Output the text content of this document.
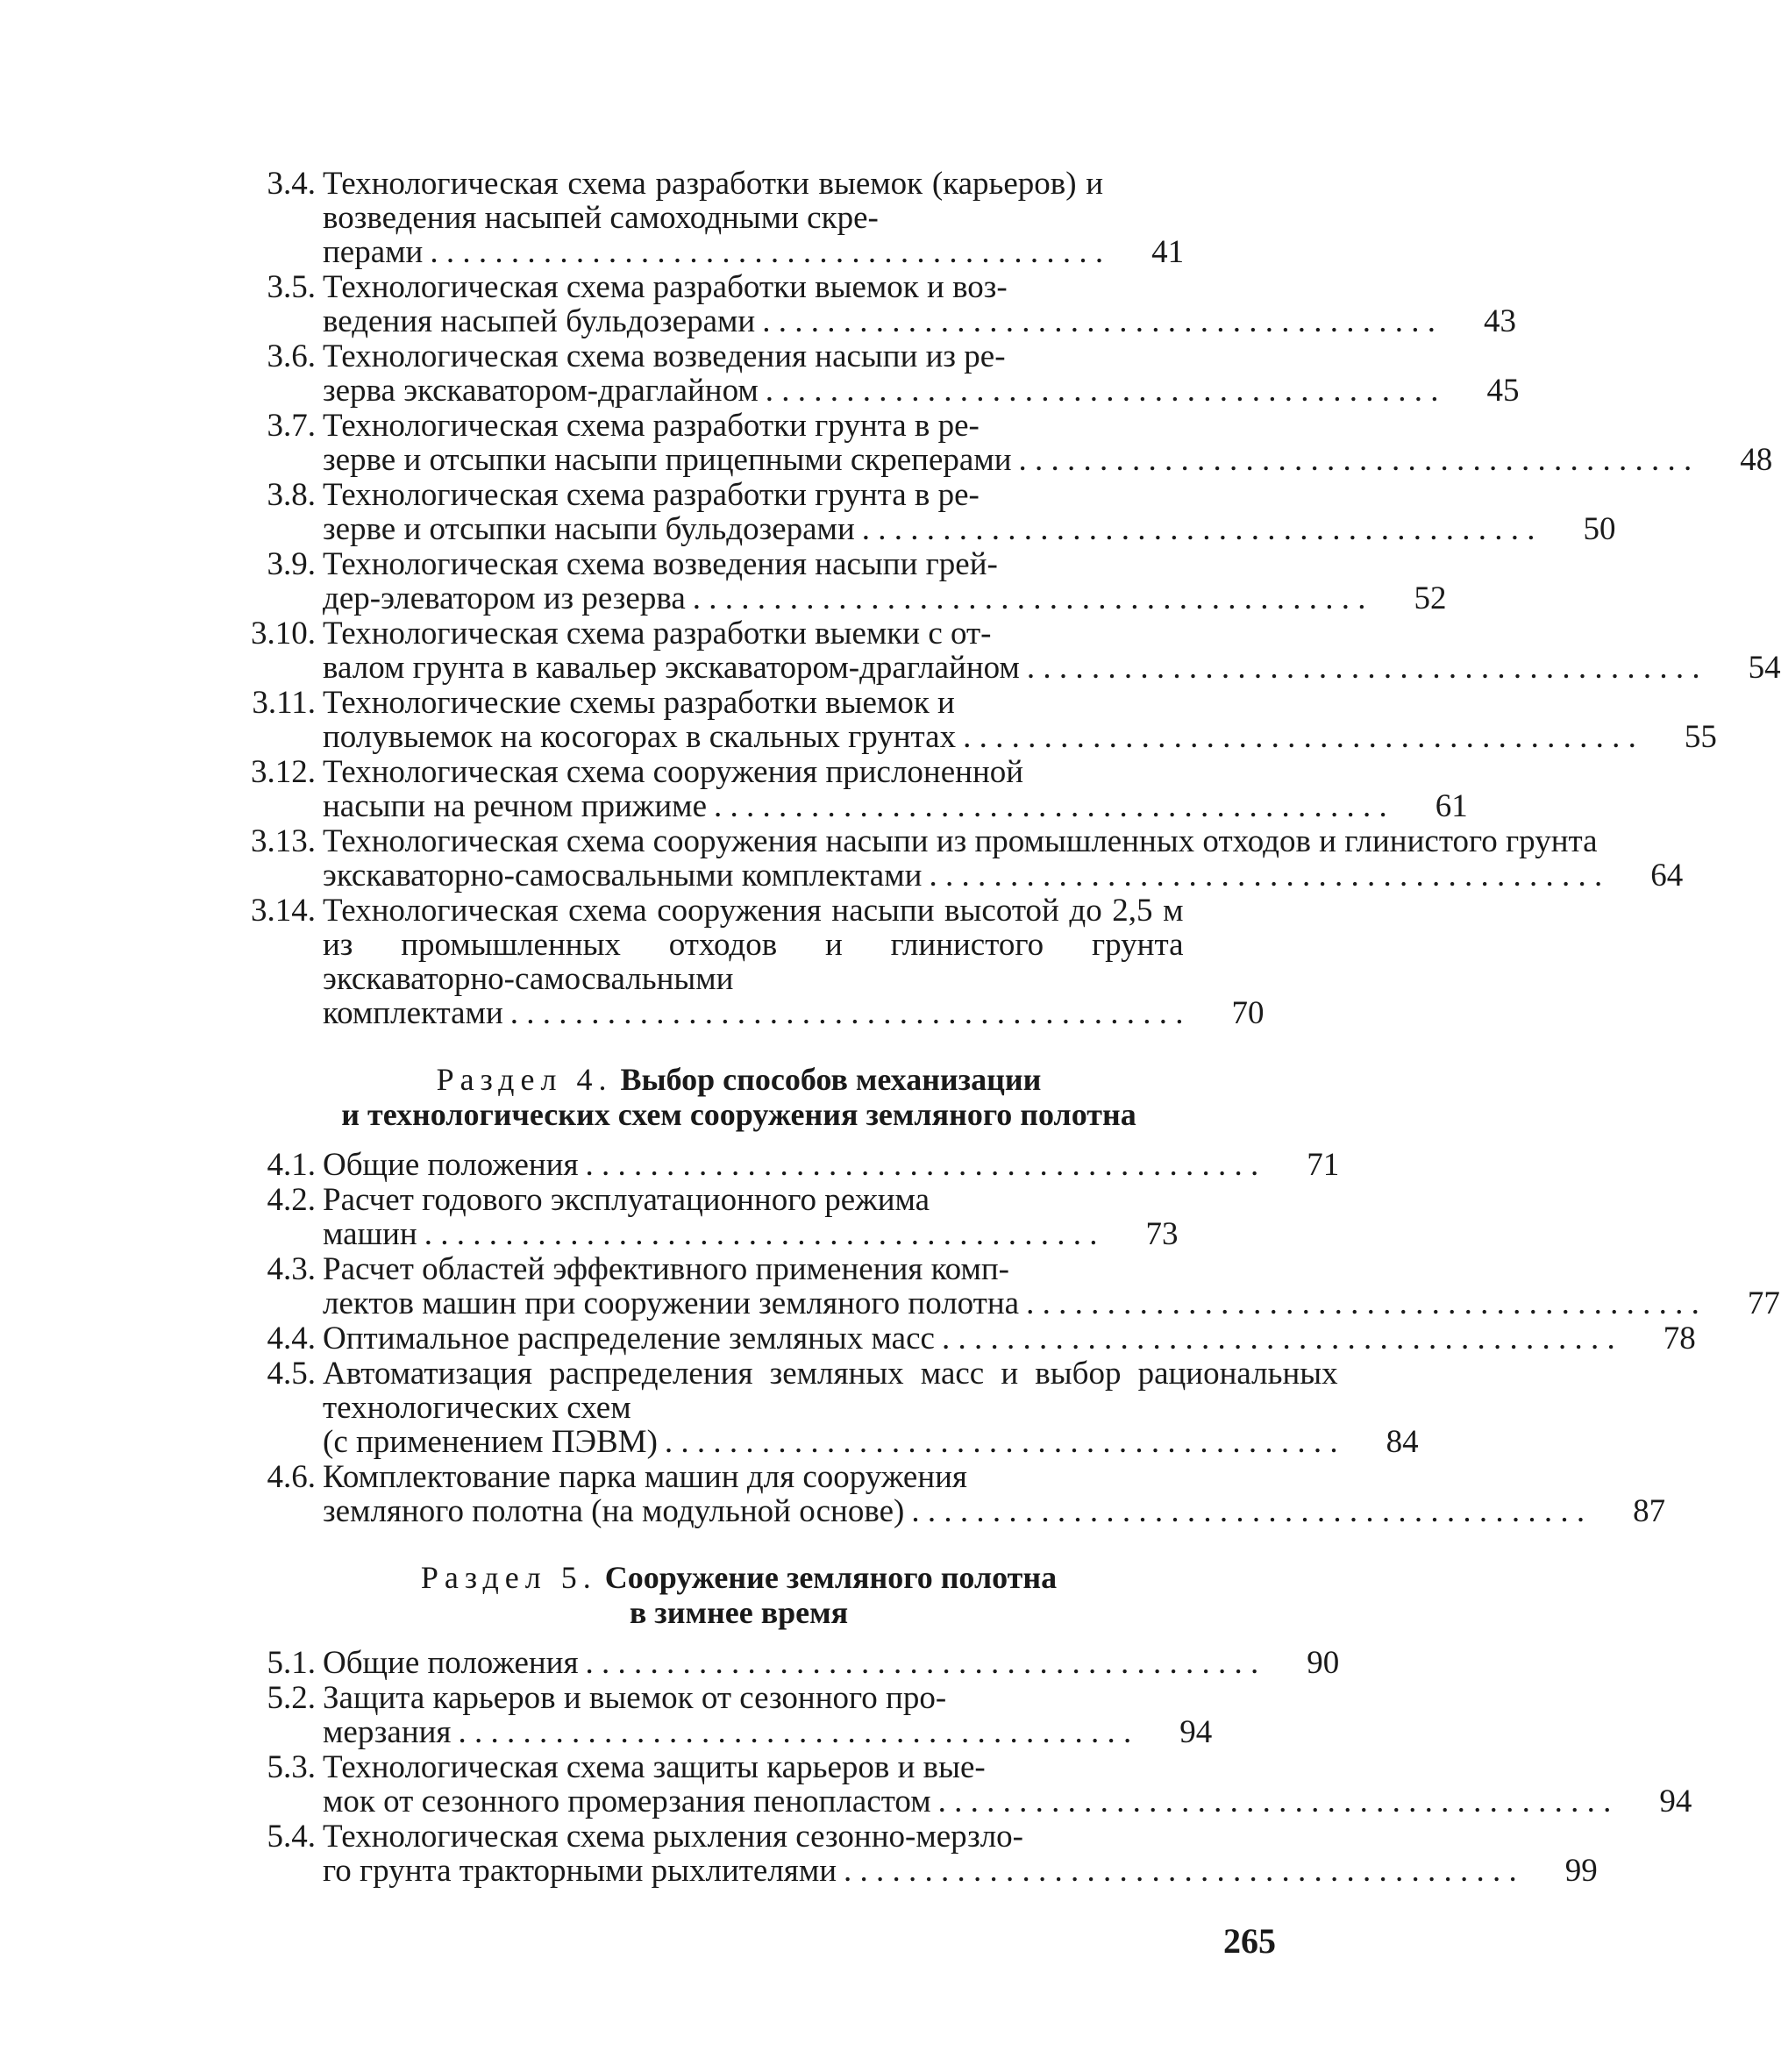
3.4. Технологическая схема разработки выемок (карьеров) и возведения насыпей самоходными скре-
перами . . . . . . . . . . . . . . . . . . . . . . . . . . . . . . . . . . . . . . . . . .	41
3.5. Технологическая схема разработки выемок и воз-
ведения насыпей бульдозерами . . . . . . . . . . . . . . . . . . . . . . . . . . . . . . . . . . . . . . . . . .	43
3.6. Технологическая схема возведения насыпи из ре-
зерва экскаватором-драглайном . . . . . . . . . . . . . . . . . . . . . . . . . . . . . . . . . . . . . . . . . .	45
3.7. Технологическая схема разработки грунта в ре-
зерве и отсыпки насыпи прицепными скреперами . . . . . . . . . . . . . . . . . . . . . . . . . . . . . . . . . . . . . . . . . .	48
3.8. Технологическая схема разработки грунта в ре-
зерве и отсыпки насыпи бульдозерами . . . . . . . . . . . . . . . . . . . . . . . . . . . . . . . . . . . . . . . . . .	50
3.9. Технологическая схема возведения насыпи грей-
дер-элеватором из резерва . . . . . . . . . . . . . . . . . . . . . . . . . . . . . . . . . . . . . . . . . .	52
3.10. Технологическая схема разработки выемки с от-
валом грунта в кавальер экскаватором-драглайном . . . . . . . . . . . . . . . . . . . . . . . . . . . . . . . . . . . . . . . . . .	54
3.11. Технологические схемы разработки выемок и
полувыемок на косогорах в скальных грунтах . . . . . . . . . . . . . . . . . . . . . . . . . . . . . . . . . . . . . . . . . .	55
3.12. Технологическая схема сооружения прислоненной
насыпи на речном прижиме . . . . . . . . . . . . . . . . . . . . . . . . . . . . . . . . . . . . . . . . . .	61
3.13. Технологическая схема сооружения насыпи из промышленных отходов и глинистого грунта
экскаваторно-самосвальными комплектами . . . . . . . . . . . . . . . . . . . . . . . . . . . . . . . . . . . . . . . . . .	64
3.14. Технологическая схема сооружения насыпи высотой до 2,5 м из промышленных отходов и глинистого грунта экскаваторно-самосвальными
комплектами . . . . . . . . . . . . . . . . . . . . . . . . . . . . . . . . . . . . . . . . . .	70
Раздел 4. Выбор способов механизации
и технологических схем сооружения земляного полотна
4.1. Общие положения . . . . . . . . . . . . . . . . . . . . . . . . . . . . . . . . . . . . . . . . . .	71
4.2. Расчет годового эксплуатационного режима
машин . . . . . . . . . . . . . . . . . . . . . . . . . . . . . . . . . . . . . . . . . .	73
4.3. Расчет областей эффективного применения комп-
лектов машин при сооружении земляного полотна . . . . . . . . . . . . . . . . . . . . . . . . . . . . . . . . . . . . . . . . . .	77
4.4. Оптимальное распределение земляных масс . . . . . . . . . . . . . . . . . . . . . . . . . . . . . . . . . . . . . . . . . .	78
4.5. Автоматизация распределения земляных масс и выбор рациональных технологических схем
(с применением ПЭВМ) . . . . . . . . . . . . . . . . . . . . . . . . . . . . . . . . . . . . . . . . . .	84
4.6. Комплектование парка машин для сооружения
земляного полотна (на модульной основе) . . . . . . . . . . . . . . . . . . . . . . . . . . . . . . . . . . . . . . . . . .	87
Раздел 5. Сооружение земляного полотна
в зимнее время
5.1. Общие положения . . . . . . . . . . . . . . . . . . . . . . . . . . . . . . . . . . . . . . . . . .	90
5.2. Защита карьеров и выемок от сезонного про-
мерзания . . . . . . . . . . . . . . . . . . . . . . . . . . . . . . . . . . . . . . . . . .	94
5.3. Технологическая схема защиты карьеров и вые-
мок от сезонного промерзания пенопластом . . . . . . . . . . . . . . . . . . . . . . . . . . . . . . . . . . . . . . . . . .	94
5.4. Технологическая схема рыхления сезонно-мерзло-
го грунта тракторными рыхлителями . . . . . . . . . . . . . . . . . . . . . . . . . . . . . . . . . . . . . . . . . .	99
265
